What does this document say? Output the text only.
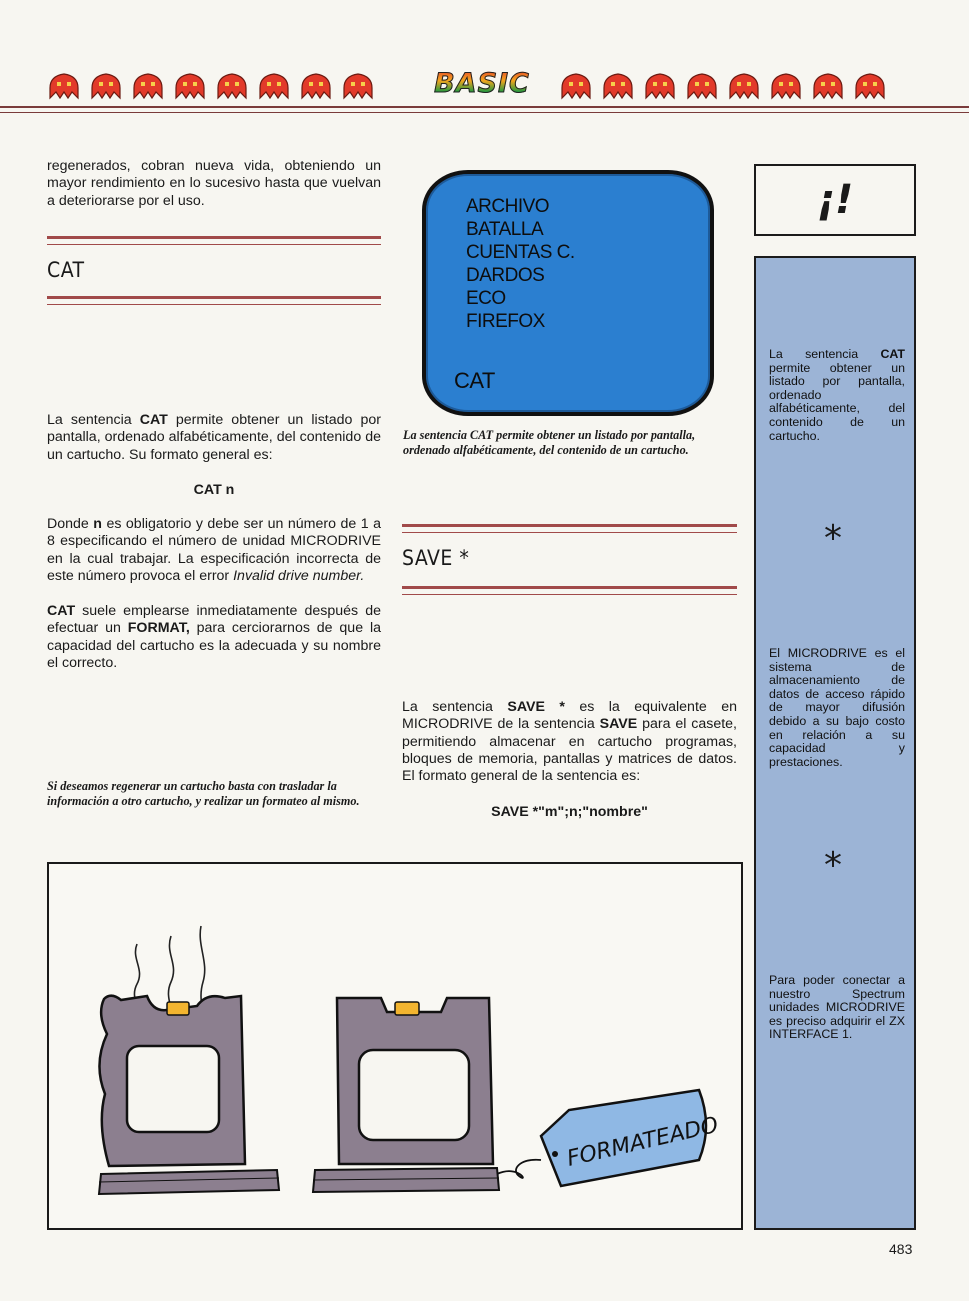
BASIC
regenerados, cobran nueva vida, obteniendo un mayor rendimiento en lo sucesivo hasta que vuelvan a deteriorarse por el uso.
CAT
La sentencia CAT permite obtener un listado por pantalla, ordenado alfabéticamente, del contenido de un cartucho. Su formato general es:
CAT n
Donde n es obligatorio y debe ser un número de 1 a 8 especificando el número de unidad MICRODRIVE en la cual trabajar. La especificación incorrecta de este número provoca el error Invalid drive number.
CAT suele emplearse inmediatamente después de efectuar un FORMAT, para cerciorarnos de que la capacidad del cartucho es la adecuada y su nombre el correcto.
Si deseamos regenerar un cartucho basta con trasladar la información a otro cartucho, y realizar un formateo al mismo.
ARCHIVO
BATALLA
CUENTAS C.
DARDOS
ECO
FIREFOX
CAT
La sentencia CAT permite obtener un listado por pantalla, ordenado alfabéticamente, del contenido de un cartucho.
SAVE *
La sentencia SAVE * es la equivalente en MICRODRIVE de la sentencia SAVE para el casete, permitiendo almacenar en cartucho programas, bloques de memoria, pantallas y matrices de datos. El formato general de la sentencia es:
SAVE *"m";n;"nombre"
¡!
La sentencia CAT permite obtener un listado por pantalla, ordenado alfabéticamente, del contenido de un cartucho.
*
El MICRODRIVE es el sistema de almacenamiento de datos de acceso rápido de mayor difusión debido a su bajo costo en relación a su capacidad y prestaciones.
*
Para poder conectar a nuestro Spectrum unidades MICRODRIVE es preciso adquirir el ZX INTERFACE 1.
FORMATEADO
483
